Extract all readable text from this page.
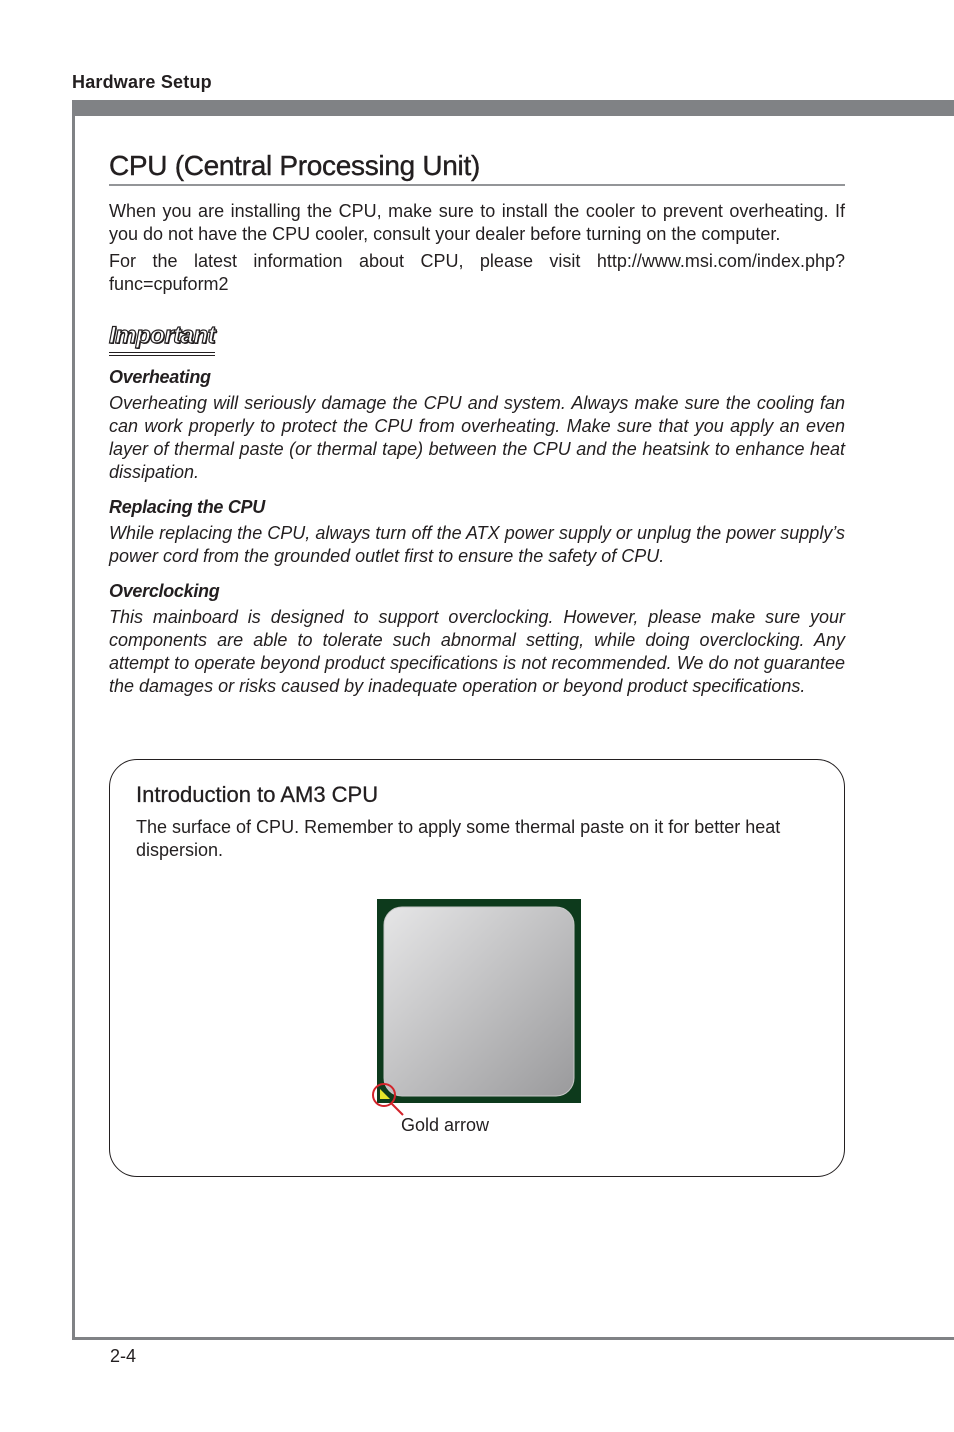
Hardware Setup
2-4
CPU (Central Processing Unit)

When you are installing the CPU, make sure to install the cooler to prevent overheating. If you do not have the CPU cooler, consult your dealer before turning on the computer.

For the latest information about CPU, please visit http://www.msi.com/index.php?func=cpuform2

Important
Overheating

Overheating will seriously damage the CPU and system. Always make sure the cooling fan can work properly to protect the CPU from overheating. Make sure that you apply an even layer of thermal paste (or thermal tape) between the CPU and the heatsink to enhance heat dissipation.

Replacing the CPU

While replacing the CPU, always turn off the ATX power supply or unplug the power supply’s power cord from the grounded outlet first to ensure the safety of CPU.

Overclocking

This mainboard is designed to support overclocking. However, please make sure your components are able to tolerate such abnormal setting, while doing overclocking. Any attempt to operate beyond product specifications is not recommended. We do not guarantee the damages or risks caused by inadequate operation or beyond product specifications.

Introduction to AM3 CPU

The surface of CPU. Remember to apply some thermal paste on it for better heat dispersion.

Gold arrow
